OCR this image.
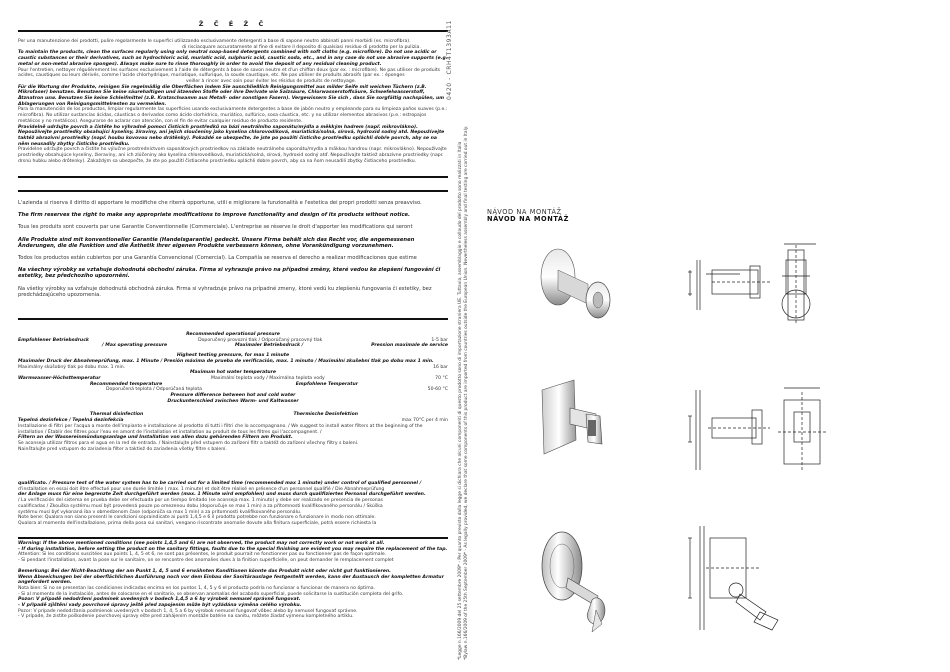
Ž Č É Ž Č

Per una manutenzione dei prodotti, pulire regolarmente le superfici utilizzando esclusivamente detergenti a base di sapone neutro abbinati panni morbidi (es. microfibra).

di risciacquare accuratamente al fine di evitare il deposito di qualsiasi residuo di prodotto per la pulizia.

To maintain the products, clean the surfaces regularly using only neutral soap-based detergents combined with soft cloths (e.g. microfibre). Do not use acidic or caustic substances or their derivatives, such as hydrochloric acid, muriatic acid, sulphuric acid, caustic soda, etc., and in any case do not use abrasive supports (e.g. metal or non-metal abrasive sponges). Always make sure to rinse thoroughly in order to avoid the deposit of any residual cleaning product.

Pour l'entretien, nettoyer régulièrement les surfaces exclusivement à l'aide de détergents à base de savon neutre et d'un chiffon doux (par ex. : microfibre). Ne pas utiliser de produits acides, caustiques ou leurs dérivés, comme l'acide chlorhydrique, muriatique, sulfurique, la soude caustique, etc. Ne pas utiliser de produits abrasifs (par ex. : éponges

veiller à rincer avec soin pour éviter les résidus de produits de nettoyage.

Für die Wartung der Produkte, reinigen Sie regelmäßig die Oberflächen indem Sie ausschließlich Reinigungsmittel aus milder Seife mit weichen Tüchern (z.B. Mikrofaser) benutzen. Benutzen Sie keine säurehaltigen und ätzenden Stoffe oder ihre Derivate wie Salzsäure, Chlorwasserstoffsäure, Schwefelwasserstoff, Ätznatron usw. Benutzen Sie keine Schleifmittel (z.B. Kratzschwamm aus Metall- oder sonstigen Fasern). Vergewissern Sie sich , dass Sie sorgfältig nachspülen, um Ablagerungen von Reinigungsmittelresten zu vermeiden.

Para la manutención de los productos, limpiar regularmente las superficies usando exclusivamente detergentes a base de jabón neutro y empleando para su limpieza paños suaves (p.e.: microfibra). No utilizar sustancias ácidas, cáusticas o derivados como ácido clorhídrico, muriático, sulfúrico, sosa cáustica, etc. y no utilizar elementos abrasivos (p.e.: estropajos metálicos y no metálicos). Asegurarse de aclarar con atención, con el fin de evitar cualquier residuo de producto residente.

Pravidelně udržujte povrch a čistěte ho výhradně pomocí čisticích prostředků na bázi neutrálního saponátu/mýdla a měkkým hadrem (např. mikrovlákno). Nepoužívejte prostředky obsahující kyseliny, žíraviny, ani jejich sloučeniny jako kyselina chlorovodíková, muriatická/solná, sírová, hydroxid sodný atd. Nepoužívejte taktéž abrazivní prostředky (např. houbu kovovou nebo drátěnky). Pokaždé se ubezpečte, že jste po použití čisticího prostředku opláchli dobře povrch, aby se na něm neusadily zbytky čisticího prostředku.

Pravidelne udržujte povrch a čistite ho výlučne prostredníctvom saponátových prostriedkov na základe neutrálneho saponátu/mydla a mäkkou handrou (napr. mikrovlákno). Nepoužívajte prostriedky obsahujúce kyseliny, žieraviny, ani ich zlúčeniny ako kyselina chlorovodíková, muriatická/solná, sírová, hydroxid sodný atď. Nepoužívajte taktiež abrazívne prostriedky (napr. drsnú hubku alebo drôtenky). Zakaždým sa ubezpečte, že ste po použití čistiaceho prostriedku opláchli dobre povrch, aby sa na ňom neusadili zbytky čistiaceho prostriedku.

L'azienda si riserva il diritto di apportare le modifiche che riterrà opportune, utili e migliorare la funzionalità e l'estetica dei propri prodotti senza preavviso.

The firm reserves the right to make any appropriate modifications to improve functionality and design of its products without notice.

Tous les produits sont couverts par une Garantie Conventionnelle (Commerciale). L'entreprise se réserve le droit d'apporter les modifications qui seront

Alle Produkte sind mit konventioneller Garantie (Handelsgarantie) gedeckt. Unsere Firma behält sich das Recht vor, die angemessenen Änderungen, die die Funktion und die Ästhetik ihrer eigenen Produkte verbessern können, ohne Vorankündigung vorzunehmen.

Todos los productos están cubiertos por una Garantía Convencional (Comercial). La Compañía se reserva el derecho a realizar modificaciones que estime

Na všechny výrobky se vztahuje dohodnutá obchodní záruka. Firma si vyhrazuje právo na případné změny, které vedou ke zlepšení fungování či estetiky, bez předchozího upozornění.

Na všetky výrobky sa vzťahuje dohodnutá obchodná záruka. Firma si vyhradzuje právo na prípadné zmeny, ktoré vedú ku zlepšeniu fungovania či estetiky, bez predchádzajúceho upozornenia.

Recommended operational pressure

Empfohlener Betriebsdruck	Doporučený provozní tlak / Odporúčaný pracovný tlak	1-5 bar
/ Max operating pressure	Maximaler Betriebsdruck /	Pression maximale de service

Highest testing pressure, for max 1 minute

Maximaler Druck der Abnahmeprüfung, max. 1 Minute / Presión máxima de prueba de verificación, max. 1 minuto / Maximální zkušební tlak po dobu max 1 min.

Maximálny skúšobný tlak po dobu max. 1 min.	16 bar

Maximum hot water temperature

Warmwasser-Höchsttemperatur	Maximální teplota vody / Maximálna teplota vody	70 °C
Recommended temperature	Empfohlene Temperatur
Doporučená teplota / Odporúčaná teplota	50-60 °C

Pressure difference between hot and cold water

Druckunterschied zwischen Warm- und Kaltwasser

Thermal disinfection	Thermische Desinfektion
Tepelná dezinfekce / Tepelná dezinfekcia	max 70°C per 4 min

Installazione di filtri per l'acqua a monte dell'impianto e installazione al prodotto di tutti i filtri che lo accompagnano. / We suggest to install water filters at the beginning of the installation / Établir des filtres pour l'eau en amont de l'installation et installation au produit de tous les filtres qui l'accompagnent. /

Filtern an der Wassereinmündungsanlage und Installation von allen dazu gehörenden Filtern am Produkt.

Se aconseja utilizar filtros para el agua en la red de entrada. / Nainstalujte před vstupem do zařízení filtr a taktéž do zařízení všechny filtry s balení.

Nainštalujte pred vstupom do zariadenia filter a taktiež do zariadenia všetky filtre s balení.

qualificato. / Pressure test of the water system has to be carried out for a limited time (recommended max 1 minute) under control of qualified personnel /

d'installation en essai doit être effectué pour une durée limitée ( max. 1 minute) et doit être réalisé en présence d'un personnel qualifié / Die Abnahmeprüfung

der Anlage muss für eine begrenzte Zeit durchgeführt werden (max. 1 Minute wird empfohlen) und muss durch qualifiziertes Personal durchgeführt werden.

/ La verificación del sistema en prueba debe ser efectuada por un tiempo limitado (se aconseja max. 1 minuto) y debe ser realizado en presencia de personas

cualificadas / Zkouška systému musí být provedená pouze po omezenou dobu (doporučuje se max 1 min) a za přítomnosti kvalifikovaného personálu / Skúška

systému musí byť vykonaná iba v obmedzenom čase (odporúča sa max 1 min) a za prítomnosti kvalifikovaného personálu.

Note bene: Qualora non siano presenti le condizioni sopraindicate ai punti 1,4,5 e 6 il prodotto potrebbe non funzionare o funzionare in modo non ottimale.

Qualora al momento dell'installazione, prima della posa sui sanitari, vengano riscontrate anomalie dovute alla finitura superficiale, potrà essere richiesta la

Warning: If the above mentioned conditions (see points 1,4,5 and 6) are not observed, the product may not correctly work or not work at all.

- If during installation, before setting the product on the sanitary fittings, faults due to the special finishing are evident you may require the replacement of the tap.

Attention: Si les conditions suscitées aux points 1, 4, 5 et 6, ne sont pas présentes, le produit pourrait ne fonctionner pas ou fonctionner pas de façon optimale.

- Si pendant l'installation, avant la pose sur le sanitaire, on se rencontre des anomalies dues à la finition superficielle, on peut demander le remplacement complet

Bemerkung: Bei der Nicht-Beachtung der am Punkt 1, 4, 5 und 6 erwähnten Konditionen könnte das Produkt nicht oder nicht gut funktionieren.

Wenn Abweichungen bei der oberflächlichen Ausführung noch vor dem Einbau der Sanitärauslage festgestellt werden, kann der Austausch der kompletten Armatur angefordert werden.

Nota bien: Si no se presentan las condiciones indicadas encima en los puntos 1, 4, 5 y 6 el producto podría no funcionar o funcionar de manera no óptima.

- Si al momento de la instalación, antes de colocarse en el sanitario, se observan anomalías del acabado superficial, puede solicitarse la sustitución completa del grifo.

Pozor: V případě nedodržení podmínek uvedených v bodech 1,4,5 a 6 by výrobek nemusel správně fungovat.

- V případě zjištění vady povrchové úpravy ještě před zapojením může být vyžádána výměna celého výrobku.

Pozor: V prípade nedodržania podmienok uvedených v bodoch 1, 4, 5 a 6 by výrobok nemusel fungovať vôbec alebo by nemusel fungovať správne.

- V prípade, že zistíte poškodenie povrchovej úpravy ešte pred zahájením montáže batérie na sanitu, môžete žiadať výmenu kompletného artiklu.

0420 - CRH4T1393A11
*Legge n.166/2009 del 25 settembre 2009* - Per quanto previsto dalla legge si dichiara che alcuni componenti di questo prodotto sono di importazione straniera UE. Tuttavia, assemblaggio e collaudo del prodotto sono realizzati in Italia *Bylaw n.166/2009 of the 25th September 2009* - As legally provided, we declare that some components of this product are imported from countries outside the European Union. Nevertheless assembly and final testing are carried out in Italy.	NÁVOD NA MONTÁŽ
NÁVOD NA MONTÁŽ
